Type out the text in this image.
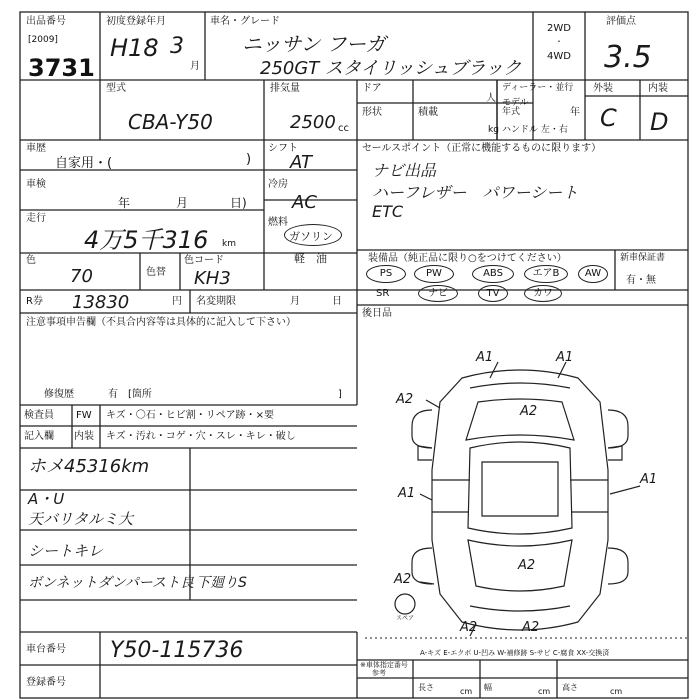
出品番号
[2009]
3731
初度登録年月
H18 3
月
車名・グレード
ニッサン フーガ
250GT スタイリッシュブラック
2WD
・
4WD
評価点
3.5
外装	内装
C D
型式
CBA-Y50
排気量
2500 cc
ドア
形状	積載
人
kg
ディーラー・並行
モデル年式	年
ハンドル 左・右
車歴
自家用・(	)
車検
年	月	日)
シフト
AT
冷房
AC
燃料
ガソリン
軽　油
走行
4万5千316 km
色
70	色替
色コード
KH3
R券 13830	円 名変期限	月	日
セールスポイント（正常に機能するものに限ります）
ナビ出品
ハーフレザー　パワーシート
ETC
装備品（純正品に限り○をつけてください）	新車保証書
有・無
PS	PW	ABS	エアB	AW
SR	ナビ	TV	カワ
後日品
注意事項申告欄（不具合内容等は具体的に記入して下さい）
修復歴	有 [箇所	]
検査員 FW キズ・〇石・ヒビ割・リペア跡・×要
記入欄 内装 キズ・汚れ・コゲ・穴・スレ・キレ・破し
ホメ45316km
A・U
天バリタルミ大
シートキレ
ボンネットダンパースト良 下廻りS
車台番号 Y50-115736
登録番号
A1	A1
A2
A2
A1
A1
A2
A2
A2	A2
スペア
A-キズ E-エクボ U-凹み W-補修跡 S-サビ C-腐食 XX-交換済
※車体指定番号
参考
長さ	cm 幅	cm 高さ	cm
